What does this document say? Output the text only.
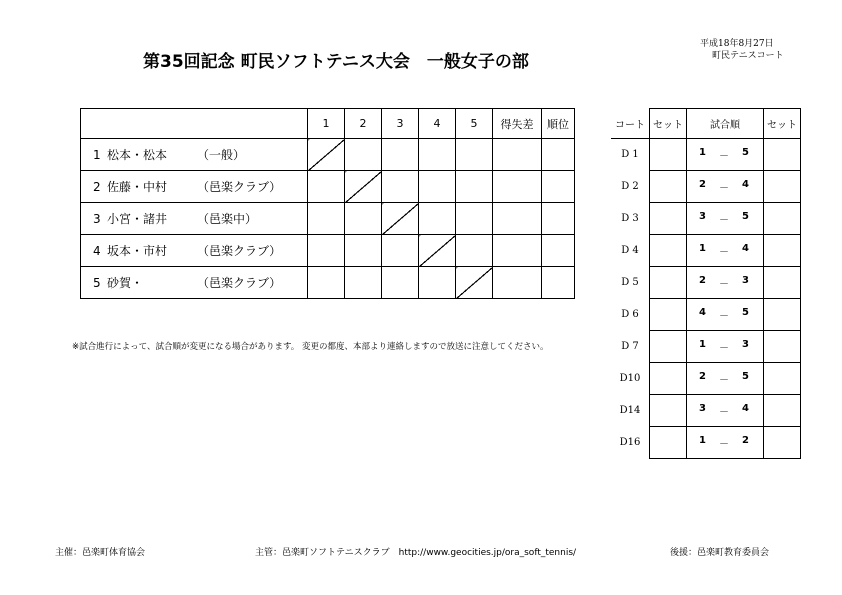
第35回記念 町民ソフトテニス大会　一般女子の部
平成18年8月27日
町民テニスコート
	1	2	3	4	5	得失差	順位
1 松本・松本 （一般）							
2 佐藤・中村 （邑楽クラブ）							
3 小宮・諸井 （邑楽中）							
4 坂本・市村 （邑楽クラブ）							
5 砂賀・ （邑楽クラブ）							
コート	セット	試合順	セット
D 1		1 － 5	

D 2		2 － 4	

D 3		3 － 5	

D 4		1 － 4	

D 5		2 － 3	

D 6		4 － 5	

D 7		1 － 3	

D10		2 － 5	

D14		3 － 4	

D16		1 － 2	

※試合進行によって、試合順が変更になる場合があります。 変更の都度、本部より連絡しますので放送に注意してください。
主催：邑楽町体育協会	主管：邑楽町ソフトテニスクラブ　http://www.geocities.jp/ora_soft_tennis/	後援：邑楽町教育委員会
